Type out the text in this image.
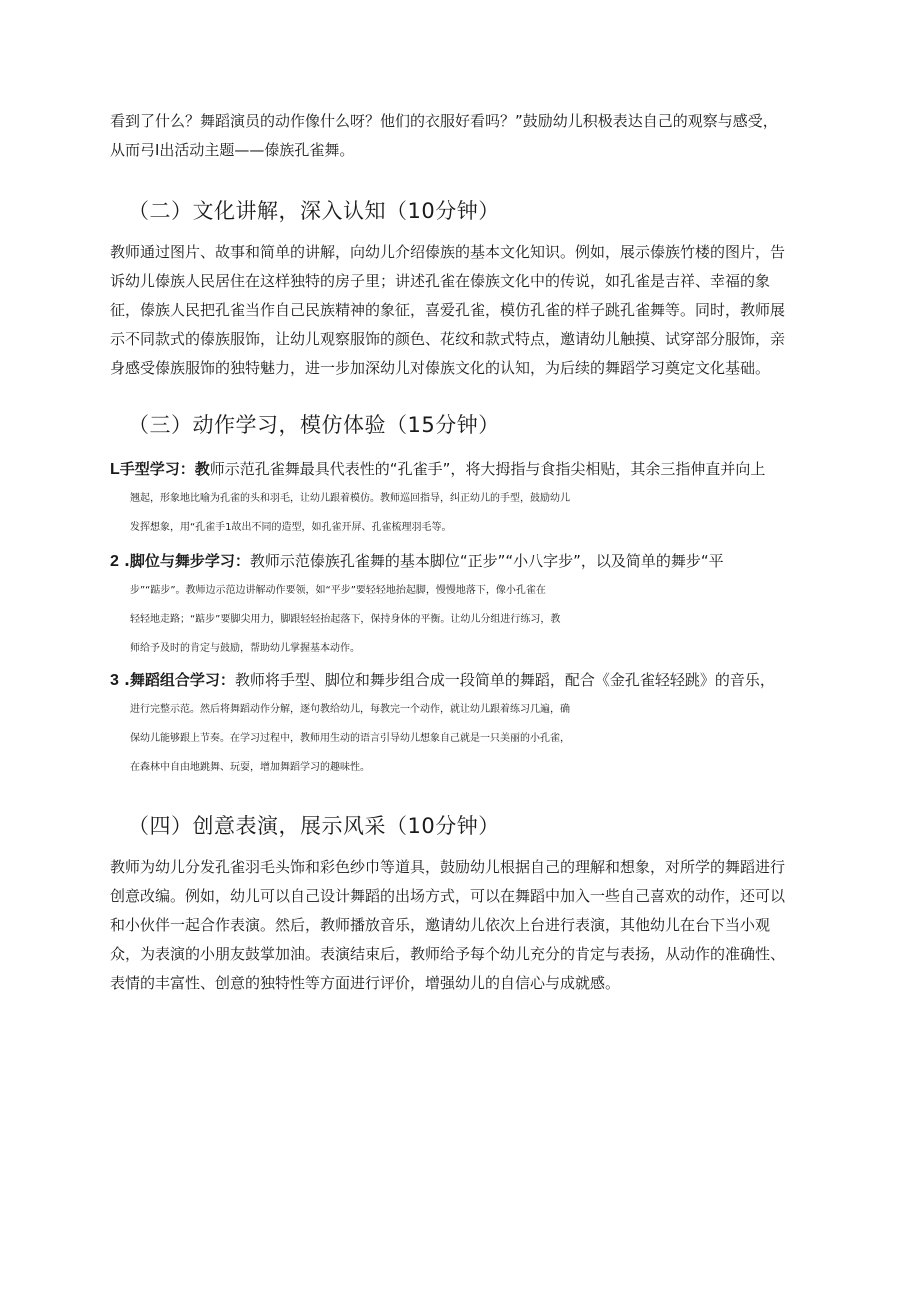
看到了什么？舞蹈演员的动作像什么呀？他们的衣服好看吗？”鼓励幼儿积极表达自己的观察与感受，
从而弓I出活动主题——傣族孔雀舞。
（二）文化讲解，深入认知（10分钟）
教师通过图片、故事和简单的讲解，向幼儿介绍傣族的基本文化知识。例如，展示傣族竹楼的图片，告
诉幼儿傣族人民居住在这样独特的房子里；讲述孔雀在傣族文化中的传说，如孔雀是吉祥、幸福的象
征，傣族人民把孔雀当作自己民族精神的象征，喜爱孔雀，模仿孔雀的样子跳孔雀舞等。同时，教师展
示不同款式的傣族服饰，让幼儿观察服饰的颜色、花纹和款式特点，邀请幼儿触摸、试穿部分服饰，亲
身感受傣族服饰的独特魅力，进一步加深幼儿对傣族文化的认知，为后续的舞蹈学习奠定文化基础。
（三）动作学习，模仿体验（15分钟）
L手型学习：教师示范孔雀舞最具代表性的“孔雀手”，将大拇指与食指尖相贴，其余三指伸直并向上
翘起，形象地比喻为孔雀的头和羽毛，让幼儿跟着模仿。教师巡回指导，纠正幼儿的手型，鼓励幼儿
发挥想象，用“孔雀手1故出不同的造型，如孔雀开屏、孔雀梳理羽毛等。
2 .脚位与舞步学习：教师示范傣族孔雀舞的基本脚位“正步”“小八字步”，以及简单的舞步“平
步”“踮步”。教师边示范边讲解动作要领，如“平步”要轻轻地抬起脚，慢慢地落下，像小孔雀在
轻轻地走路；“踮步”要脚尖用力，脚跟轻轻抬起落下，保持身体的平衡。让幼儿分组进行练习，教
师给予及时的肯定与鼓励，帮助幼儿掌握基本动作。
3 .舞蹈组合学习：教师将手型、脚位和舞步组合成一段简单的舞蹈，配合《金孔雀轻轻跳》的音乐，
进行完整示范。然后将舞蹈动作分解，逐句教给幼儿，每教完一个动作，就让幼儿跟着练习几遍，确
保幼儿能够跟上节奏。在学习过程中，教师用生动的语言引导幼儿想象自己就是一只美丽的小孔雀，
在森林中自由地跳舞、玩耍，增加舞蹈学习的趣味性。
（四）创意表演，展示风采（10分钟）
教师为幼儿分发孔雀羽毛头饰和彩色纱巾等道具，鼓励幼儿根据自己的理解和想象，对所学的舞蹈进行
创意改编。例如，幼儿可以自己设计舞蹈的出场方式，可以在舞蹈中加入一些自己喜欢的动作，还可以
和小伙伴一起合作表演。然后，教师播放音乐，邀请幼儿依次上台进行表演，其他幼儿在台下当小观
众，为表演的小朋友鼓掌加油。表演结束后，教师给予每个幼儿充分的肯定与表扬，从动作的准确性、
表情的丰富性、创意的独特性等方面进行评价，增强幼儿的自信心与成就感。
